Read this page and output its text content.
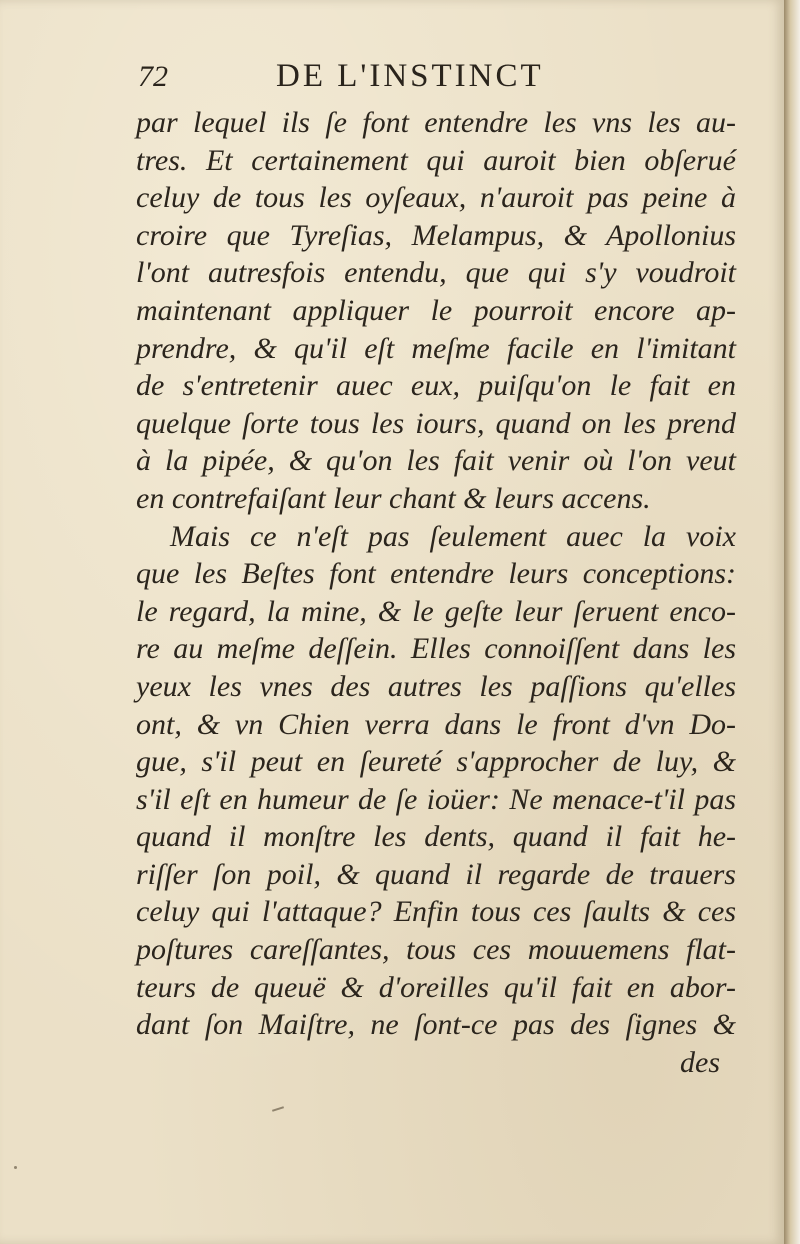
72	DE L'INSTINCT
par lequel ils ſe font entendre les vns les au-
tres. Et certainement qui auroit bien obſerué
celuy de tous les oyſeaux, n'auroit pas peine à
croire que Tyreſias, Melampus, & Apollonius
l'ont autresfois entendu, que qui s'y voudroit
maintenant appliquer le pourroit encore ap-
prendre, & qu'il eſt meſme facile en l'imitant
de s'entretenir auec eux, puiſqu'on le fait en
quelque ſorte tous les iours, quand on les prend
à la pipée, & qu'on les fait venir où l'on veut
en contrefaiſant leur chant & leurs accens.
Mais ce n'eſt pas ſeulement auec la voix
que les Beſtes font entendre leurs conceptions:
le regard, la mine, & le geſte leur ſeruent enco-
re au meſme deſſein. Elles connoiſſent dans les
yeux les vnes des autres les paſſions qu'elles
ont, & vn Chien verra dans le front d'vn Do-
gue, s'il peut en ſeureté s'approcher de luy, &
s'il eſt en humeur de ſe ioüer: Ne menace-t'il pas
quand il monſtre les dents, quand il fait he-
riſſer ſon poil, & quand il regarde de trauers
celuy qui l'attaque? Enfin tous ces ſaults & ces
poſtures careſſantes, tous ces mouuemens flat-
teurs de queuë & d'oreilles qu'il fait en abor-
dant ſon Maiſtre, ne ſont-ce pas des ſignes &
des
